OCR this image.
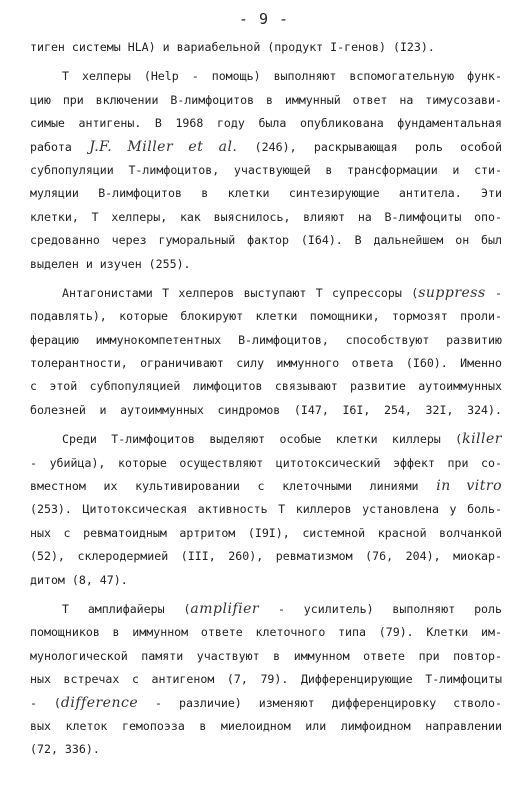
- 9 -
тиген системы HLA) и вариабельной (продукт I-генов) (I23).
Т хелперы (Help - помощь) выполняют вспомогательную функ-
цию при включении В-лимфоцитов в иммунный ответ на тимусозави-
симые антигены. В 1968 году была опубликована фундаментальная
работа J.F. Miller et al. (246), раскрывающая роль особой
субпопуляции Т-лимфоцитов, участвующей в трансформации и сти-
муляции В-лимфоцитов в клетки синтезирующие антитела. Эти
клетки, Т хелперы, как выяснилось, влияют на В-лимфоциты опо-
средованно через гуморальный фактор (I64). В дальнейшем он был
выделен и изучен (255).
Антагонистами Т хелперов выступают Т супрессоры (suppress -
подавлять), которые блокируют клетки помощники, тормозят проли-
ферацию иммунокомпетентных В-лимфоцитов, способствуют развитию
толерантности, ограничивают силу иммунного ответа (I60). Именно
с этой субпопуляцией лимфоцитов связывают развитие аутоиммунных
болезней и аутоиммунных синдромов (I47, I6I, 254, 32I, 324).
Среди Т-лимфоцитов выделяют особые клетки киллеры (killer
- убийца), которые осуществляют цитотоксический эффект при со-
вместном их культивировании с клеточными линиями in vitro
(253). Цитотоксическая активность Т киллеров установлена у боль-
ных с ревматоидным артритом (I9I), системной красной волчанкой
(52), склеродермией (III, 260), ревматизмом (76, 204), миокар-
дитом (8, 47).
Т амплифайеры (amplifier - усилитель) выполняют роль
помощников в иммунном ответе клеточного типа (79). Клетки им-
мунологической памяти участвуют в иммунном ответе при повтор-
ных встречах с антигеном (7, 79). Дифференцирующие Т-лимфоциты
- (difference - различие) изменяют дифференцировку стволо-
вых клеток гемопоэза в миелоидном или лимфоидном направлении
(72, 336).
